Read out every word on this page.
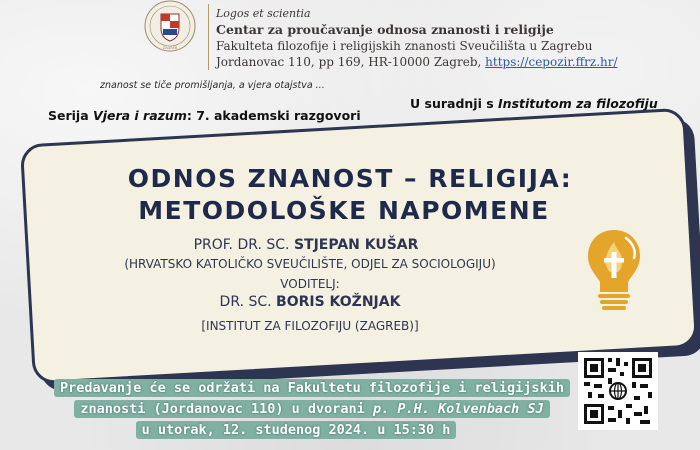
ZAGREB
Logos et scientia
Centar za proučavanje odnosa znanosti i religije
Fakulteta filozofije i religijskih znanosti Sveučilišta u Zagrebu
Jordanovac 110, pp 169, HR-10000 Zagreb, https://cepozir.ffrz.hr/
znanost se tiče promišljanja, a vjera otajstva ...
U suradnji s Institutom za filozofiju
Serija Vjera i razum: 7. akademski razgovori
ODNOS ZNANOST – RELIGIJA:
METODOLOŠKE NAPOMENE
PROF. DR. SC. STJEPAN KUŠAR
(HRVATSKO KATOLIČKO SVEUČILIŠTE, ODJEL ZA SOCIOLOGIJU)
VODITELJ:
DR. SC. BORIS KOŽNJAK
[INSTITUT ZA FILOZOFIJU (ZAGREB)]
Predavanje će se održati na Fakultetu filozofije i religijskih
znanosti (Jordanovac 110) u dvorani p. P.H. Kolvenbach SJ
u utorak, 12. studenog 2024. u 15:30 h
